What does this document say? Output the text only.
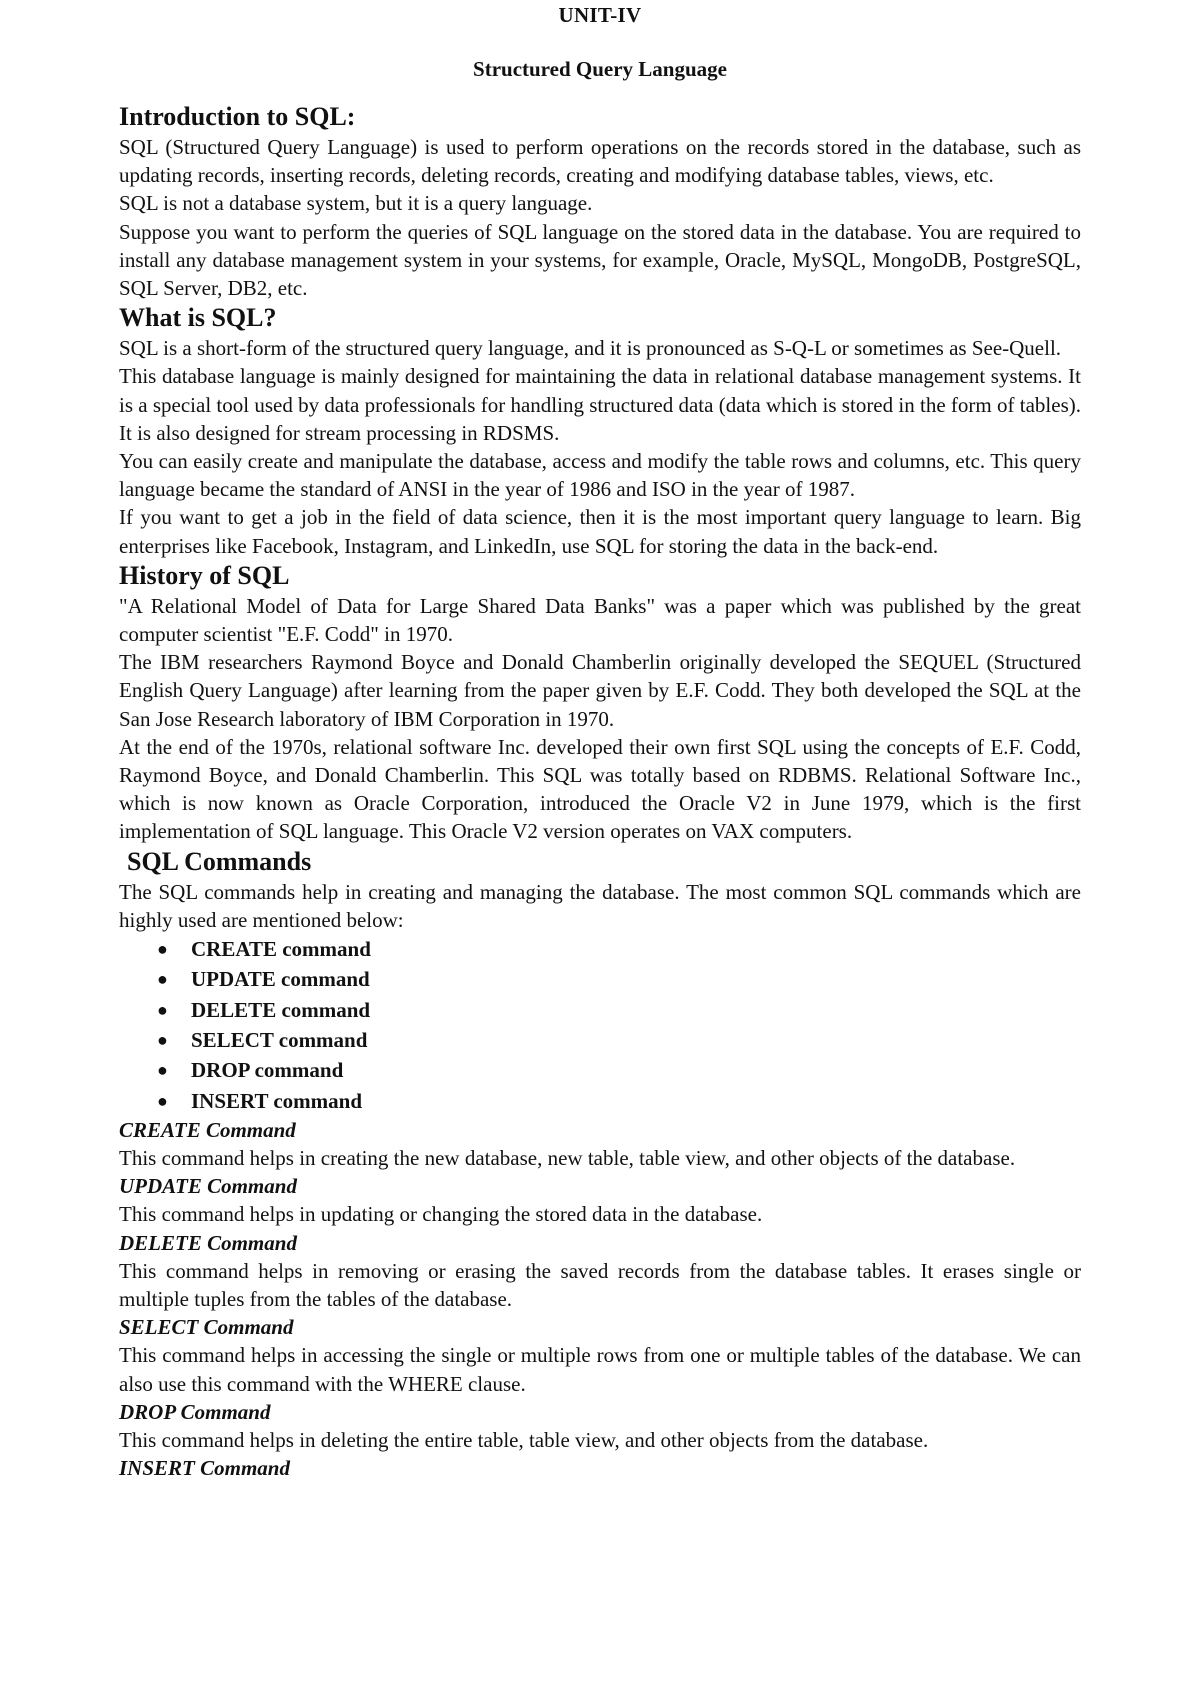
UNIT-IV
Structured Query Language
Introduction to SQL:

SQL (Structured Query Language) is used to perform operations on the records stored in the database, such as updating records, inserting records, deleting records, creating and modifying database tables, views, etc.

SQL is not a database system, but it is a query language.

Suppose you want to perform the queries of SQL language on the stored data in the database. You are required to install any database management system in your systems, for example, Oracle, MySQL, MongoDB, PostgreSQL, SQL Server, DB2, etc.

What is SQL?

SQL is a short-form of the structured query language, and it is pronounced as S-Q-L or sometimes as See-Quell.

This database language is mainly designed for maintaining the data in relational database management systems. It is a special tool used by data professionals for handling structured data (data which is stored in the form of tables). It is also designed for stream processing in RDSMS.

You can easily create and manipulate the database, access and modify the table rows and columns, etc. This query language became the standard of ANSI in the year of 1986 and ISO in the year of 1987.

If you want to get a job in the field of data science, then it is the most important query language to learn. Big enterprises like Facebook, Instagram, and LinkedIn, use SQL for storing the data in the back-end.

History of SQL

"A Relational Model of Data for Large Shared Data Banks" was a paper which was published by the great computer scientist "E.F. Codd" in 1970.

The IBM researchers Raymond Boyce and Donald Chamberlin originally developed the SEQUEL (Structured English Query Language) after learning from the paper given by E.F. Codd. They both developed the SQL at the San Jose Research laboratory of IBM Corporation in 1970.

At the end of the 1970s, relational software Inc. developed their own first SQL using the concepts of E.F. Codd, Raymond Boyce, and Donald Chamberlin. This SQL was totally based on RDBMS. Relational Software Inc., which is now known as Oracle Corporation, introduced the Oracle V2 in June 1979, which is the first implementation of SQL language. This Oracle V2 version operates on VAX computers.

SQL Commands

The SQL commands help in creating and managing the database. The most common SQL commands which are highly used are mentioned below:

● CREATE command
● UPDATE command
● DELETE command
● SELECT command
● DROP command
● INSERT command
CREATE Command

This command helps in creating the new database, new table, table view, and other objects of the database.

UPDATE Command

This command helps in updating or changing the stored data in the database.

DELETE Command

This command helps in removing or erasing the saved records from the database tables. It erases single or multiple tuples from the tables of the database.

SELECT Command

This command helps in accessing the single or multiple rows from one or multiple tables of the database. We can also use this command with the WHERE clause.

DROP Command

This command helps in deleting the entire table, table view, and other objects from the database.

INSERT Command
